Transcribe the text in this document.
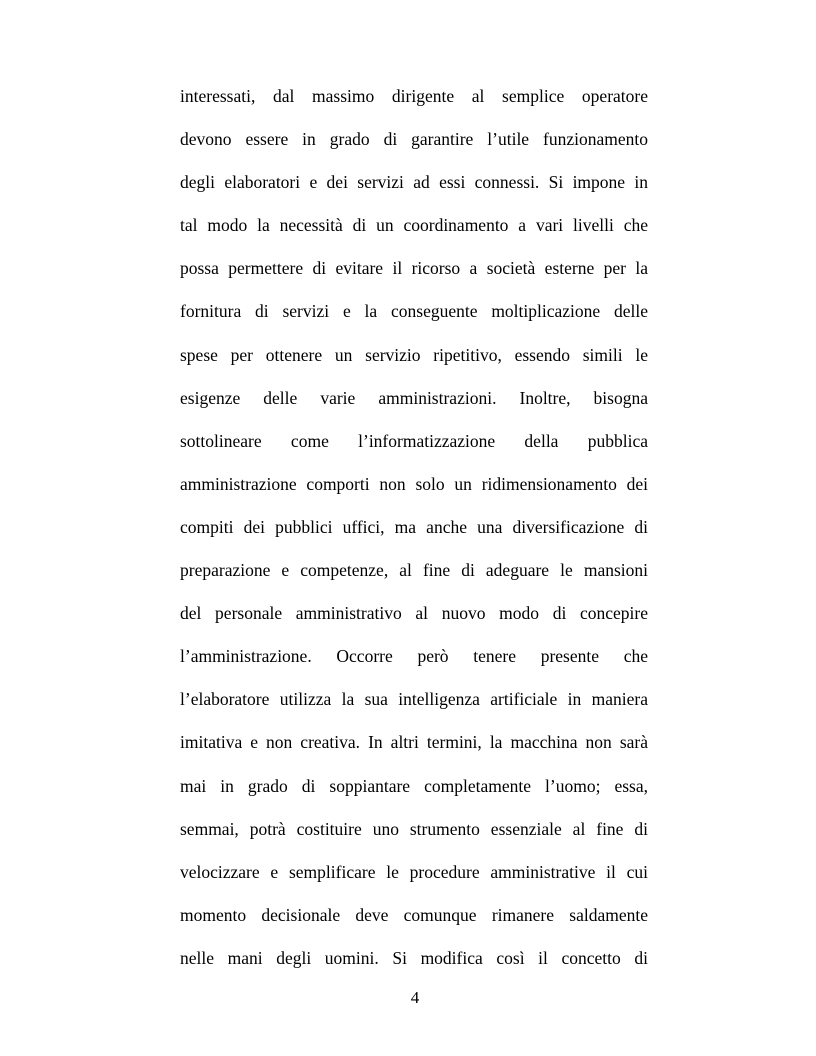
interessati, dal massimo dirigente al semplice operatore
devono essere in grado di garantire l’utile funzionamento
degli elaboratori e dei servizi ad essi connessi. Si impone in
tal modo la necessità di un coordinamento a vari livelli che
possa permettere di evitare il ricorso a società esterne per la
fornitura di servizi e la conseguente moltiplicazione delle
spese per ottenere un servizio ripetitivo, essendo simili le
esigenze delle varie amministrazioni. Inoltre, bisogna
sottolineare come l’informatizzazione della pubblica
amministrazione comporti non solo un ridimensionamento dei
compiti dei pubblici uffici, ma anche una diversificazione di
preparazione e competenze, al fine di adeguare le mansioni
del personale amministrativo al nuovo modo di concepire
l’amministrazione. Occorre però tenere presente che
l’elaboratore utilizza la sua intelligenza artificiale in maniera
imitativa e non creativa. In altri termini, la macchina non sarà
mai in grado di soppiantare completamente l’uomo; essa,
semmai, potrà costituire uno strumento essenziale al fine di
velocizzare e semplificare le procedure amministrative il cui
momento decisionale deve comunque rimanere saldamente
nelle mani degli uomini. Si modifica così il concetto di
4
